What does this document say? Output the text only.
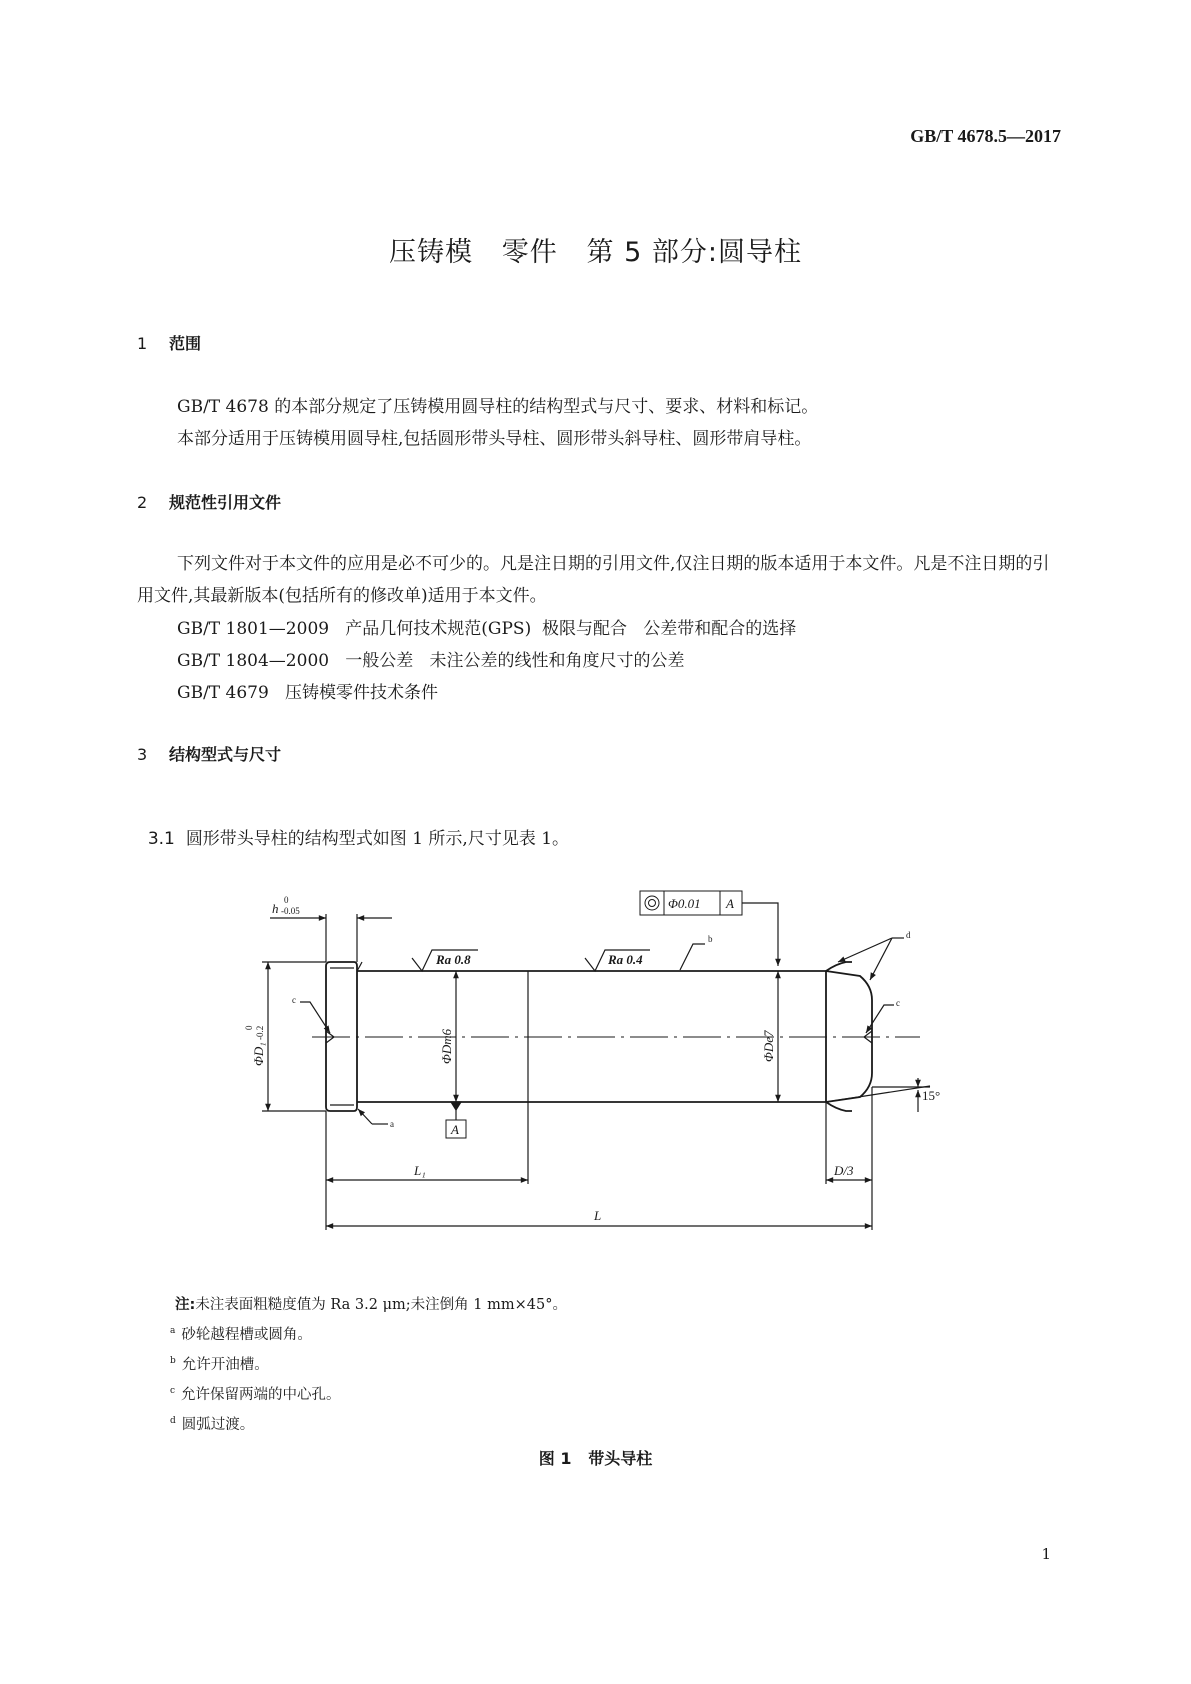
GB/T 4678.5—2017
压铸模   零件   第 5 部分:圆导柱
1 范围
GB/T 4678 的本部分规定了压铸模用圆导柱的结构型式与尺寸、要求、材料和标记。
本部分适用于压铸模用圆导柱,包括圆形带头导柱、圆形带头斜导柱、圆形带肩导柱。
2 规范性引用文件
下列文件对于本文件的应用是必不可少的。凡是注日期的引用文件,仅注日期的版本适用于本文件。凡是不注日期的引用文件,其最新版本(包括所有的修改单)适用于本文件。
GB/T 1801—2009   产品几何技术规范(GPS)  极限与配合   公差带和配合的选择
GB/T 1804—2000   一般公差   未注公差的线性和角度尺寸的公差
GB/T 4679   压铸模零件技术条件
3 结构型式与尺寸

3.1 圆形带头导柱的结构型式如图 1 所示,尺寸见表 1。

h
0
-0.05	Φ0.01 A
Ra 0.8	Ra 0.4
b	d
c	c
a
ΦD₁
0 -0.2	ΦDm6	ΦDe7
A
15°
L₁
L
D/3
注:未注表面粗糙度值为 Ra 3.2 μm;未注倒角 1 mm×45°。
$^a$ 砂轮越程槽或圆角。
$^b$ 允许开油槽。
$^c$ 允许保留两端的中心孔。
$^d$ 圆弧过渡。
图 1   带头导柱
1
